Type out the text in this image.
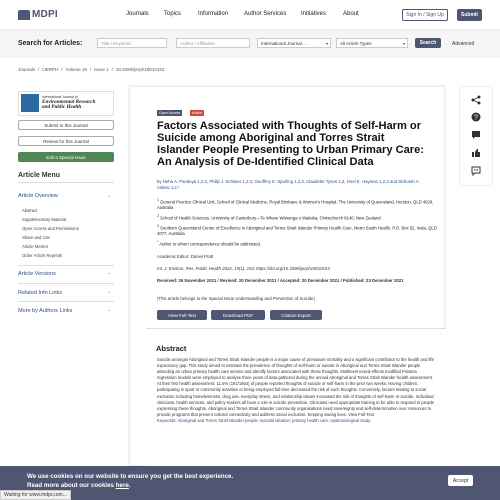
MDPI	Journals	Topics	Information	Author Services Initiatives	About	Sign In / Sign Up	Submit
Search for Articles:	Title / Keyword	Author / Affiliation	International Journal ...	▾	All Article Types	▾	Search	Advanced
Journals / IJERPH / Volume 19 / Issue 1 / 10.3390/ijerph19010153
International Journal of
Environmental Research
and Public Health
Submit to this Journal
Review for this Journal
Edit a Special Issue
Article Menu
Article Overview	⌄
Abstract
Supplementary Material
Open Access and Permissions
Share and Cite
Article Metrics
Order Article Reprints
Article Versions	⌄
Related Info Links	⌄
More by Authors Links	⌄
Open Access	Article
Factors Associated with Thoughts of Self-Harm or Suicide among Aboriginal and Torres Strait Islander People Presenting to Urban Primary Care: An Analysis of De-Identified Clinical Data
by Neha A. Pandeya 1,2,3, Philip J. Schluter 1,2,3, Geoffrey K. Spurling 1,2,3, Claudette Tyson 1,3, Noel E. Hayman 1,2,3 and Deborah A. Askew 1,2,*
$^1$ General Practice Clinical Unit, School of Clinical Medicine, Royal Brisbane & Women's Hospital, The University of Queensland, Herston, QLD 4029, Australia
$^2$ School of Health Sciences, University of Canterbury—Te Whare Wānanga o Waitaha, Christchurch 8140, New Zealand
$^3$ Southern Queensland Centre of Excellence in Aboriginal and Torres Strait Islander Primary Health Care, Metro South Health, P.O. Box 52, Inala, QLD 4077, Australia
* Author to whom correspondence should be addressed.
Academic Editor: Daniel Pratt
Int. J. Environ. Res. Public Health 2022, 19(1), 153; https://doi.org/10.3390/ijerph19010153
Received: 26 November 2021 / Revised: 20 December 2021 / Accepted: 20 December 2021 / Published: 23 December 2021
(This article belongs to the Special Issue Understanding and Prevention of Suicide)
View Full-Text	Download PDF	Citation Export
Abstract
Suicide amongst Aboriginal and Torres Strait Islander people is a major cause of premature mortality and a significant contributor to the health and life expectancy gap. This study aimed to estimate the prevalence of thoughts of self-harm or suicide in Aboriginal and Torres Strait Islander people attending an urban primary health care service and identify factors associated with these thoughts. Multilevel mixed-effects modified Poisson regression models were employed to analyse three years of data gathered during the annual Aboriginal and Torres Strait Islander health assessment. At their first health assessment, 11.5% (191/1664) of people reported thoughts of suicide or self-harm in the prior two weeks. Having children, participating in sport or community activities or being employed full-time decreased the risk of such thoughts. Conversely, factors relating to social exclusion including homelessness, drug use, everyday stress, and relationship issues increased the risk of thoughts of self-harm or suicide. Individual clinicians, health services, and policy-makers all have a role in suicide prevention. Clinicians need appropriate training to be able to respond to people expressing these thoughts. Aboriginal and Torres Strait Islander community organisations need sovereignty and self-determination over resources to provide programs that prevent cultural connectivity and address social exclusion. Keeping saving lives. View Full-Text
Keywords: Aboriginal and Torres Strait Islander people; suicidal ideation; primary health care; epidemiological study
?
We use cookies on our website to ensure you get the best experience.
Read more about our cookies here.
Accept
Waiting for www.mdpi.com...
